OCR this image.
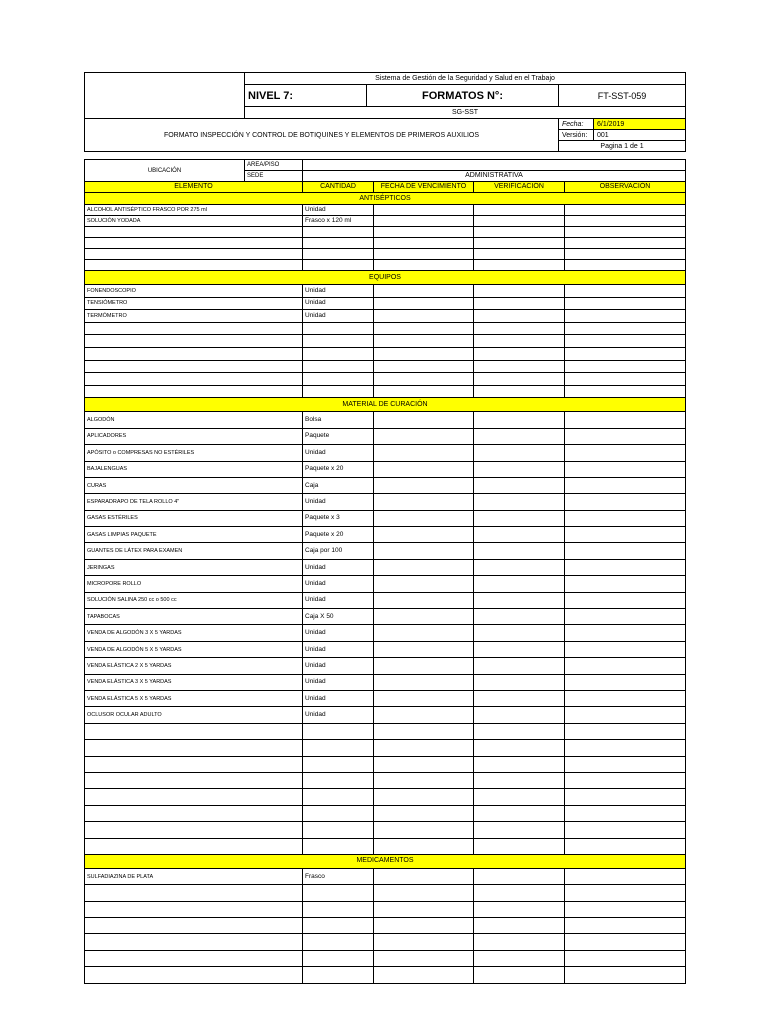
	Sistema de Gestión de la Seguridad y Salud en el Trabajo			
	NIVEL 7:	FORMATOS N°:	FT-SST-059	
	SG-SST			
FORMATO INSPECCIÓN Y CONTROL DE BOTIQUINES Y ELEMENTOS DE PRIMEROS AUXILIOS			Fecha:	6/1/2019
			Versión:	001
			Pagina 1 de 1	
UBICACIÓN	AREA/PISO				
	SEDE	ADMINISTRATIVA			
ELEMENTO		CANTIDAD	FECHA DE VENCIMIENTO	VERIFICACIÓN	OBSERVACIÓN
ANTISÉPTICOS					
ALCOHOL ANTISÉPTICO FRASCO POR 275 ml		Unidad			
SOLUCIÓN YODADA		Frasco x 120 ml			

EQUIPOS					
FONENDOSCOPIO		Unidad			
TENSIÓMETRO		Unidad			
TERMÓMETRO		Unidad			

MATERIAL DE CURACIÓN					
ALGODÓN		Bolsa			
APLICADORES		Paquete			
APÓSITO o COMPRESAS NO ESTÉRILES		Unidad			
BAJALENGUAS		Paquete x 20			
CURAS		Caja			
ESPARADRAPO DE TELA ROLLO 4"		Unidad			
GASAS ESTÉRILES		Paquete x 3			
GASAS LIMPIAS PAQUETE		Paquete x 20			
GUANTES DE LÁTEX PARA EXAMEN		Caja por 100			
JERINGAS		Unidad			
MICROPORE ROLLO		Unidad			
SOLUCIÓN SALINA 250 cc o 500 cc		Unidad			
TAPABOCAS		Caja X 50			
VENDA DE ALGODÓN 3 X 5 YARDAS		Unidad			
VENDA DE ALGODÓN 5 X 5 YARDAS		Unidad			
VENDA ELÁSTICA 2 X 5 YARDAS		Unidad			
VENDA ELÁSTICA 3 X 5 YARDAS		Unidad			
VENDA ELÁSTICA 5 X 5 YARDAS		Unidad			
OCLUSOR OCULAR ADULTO		Unidad			

MEDICAMENTOS					
SULFADIAZINA DE PLATA		Frasco			
